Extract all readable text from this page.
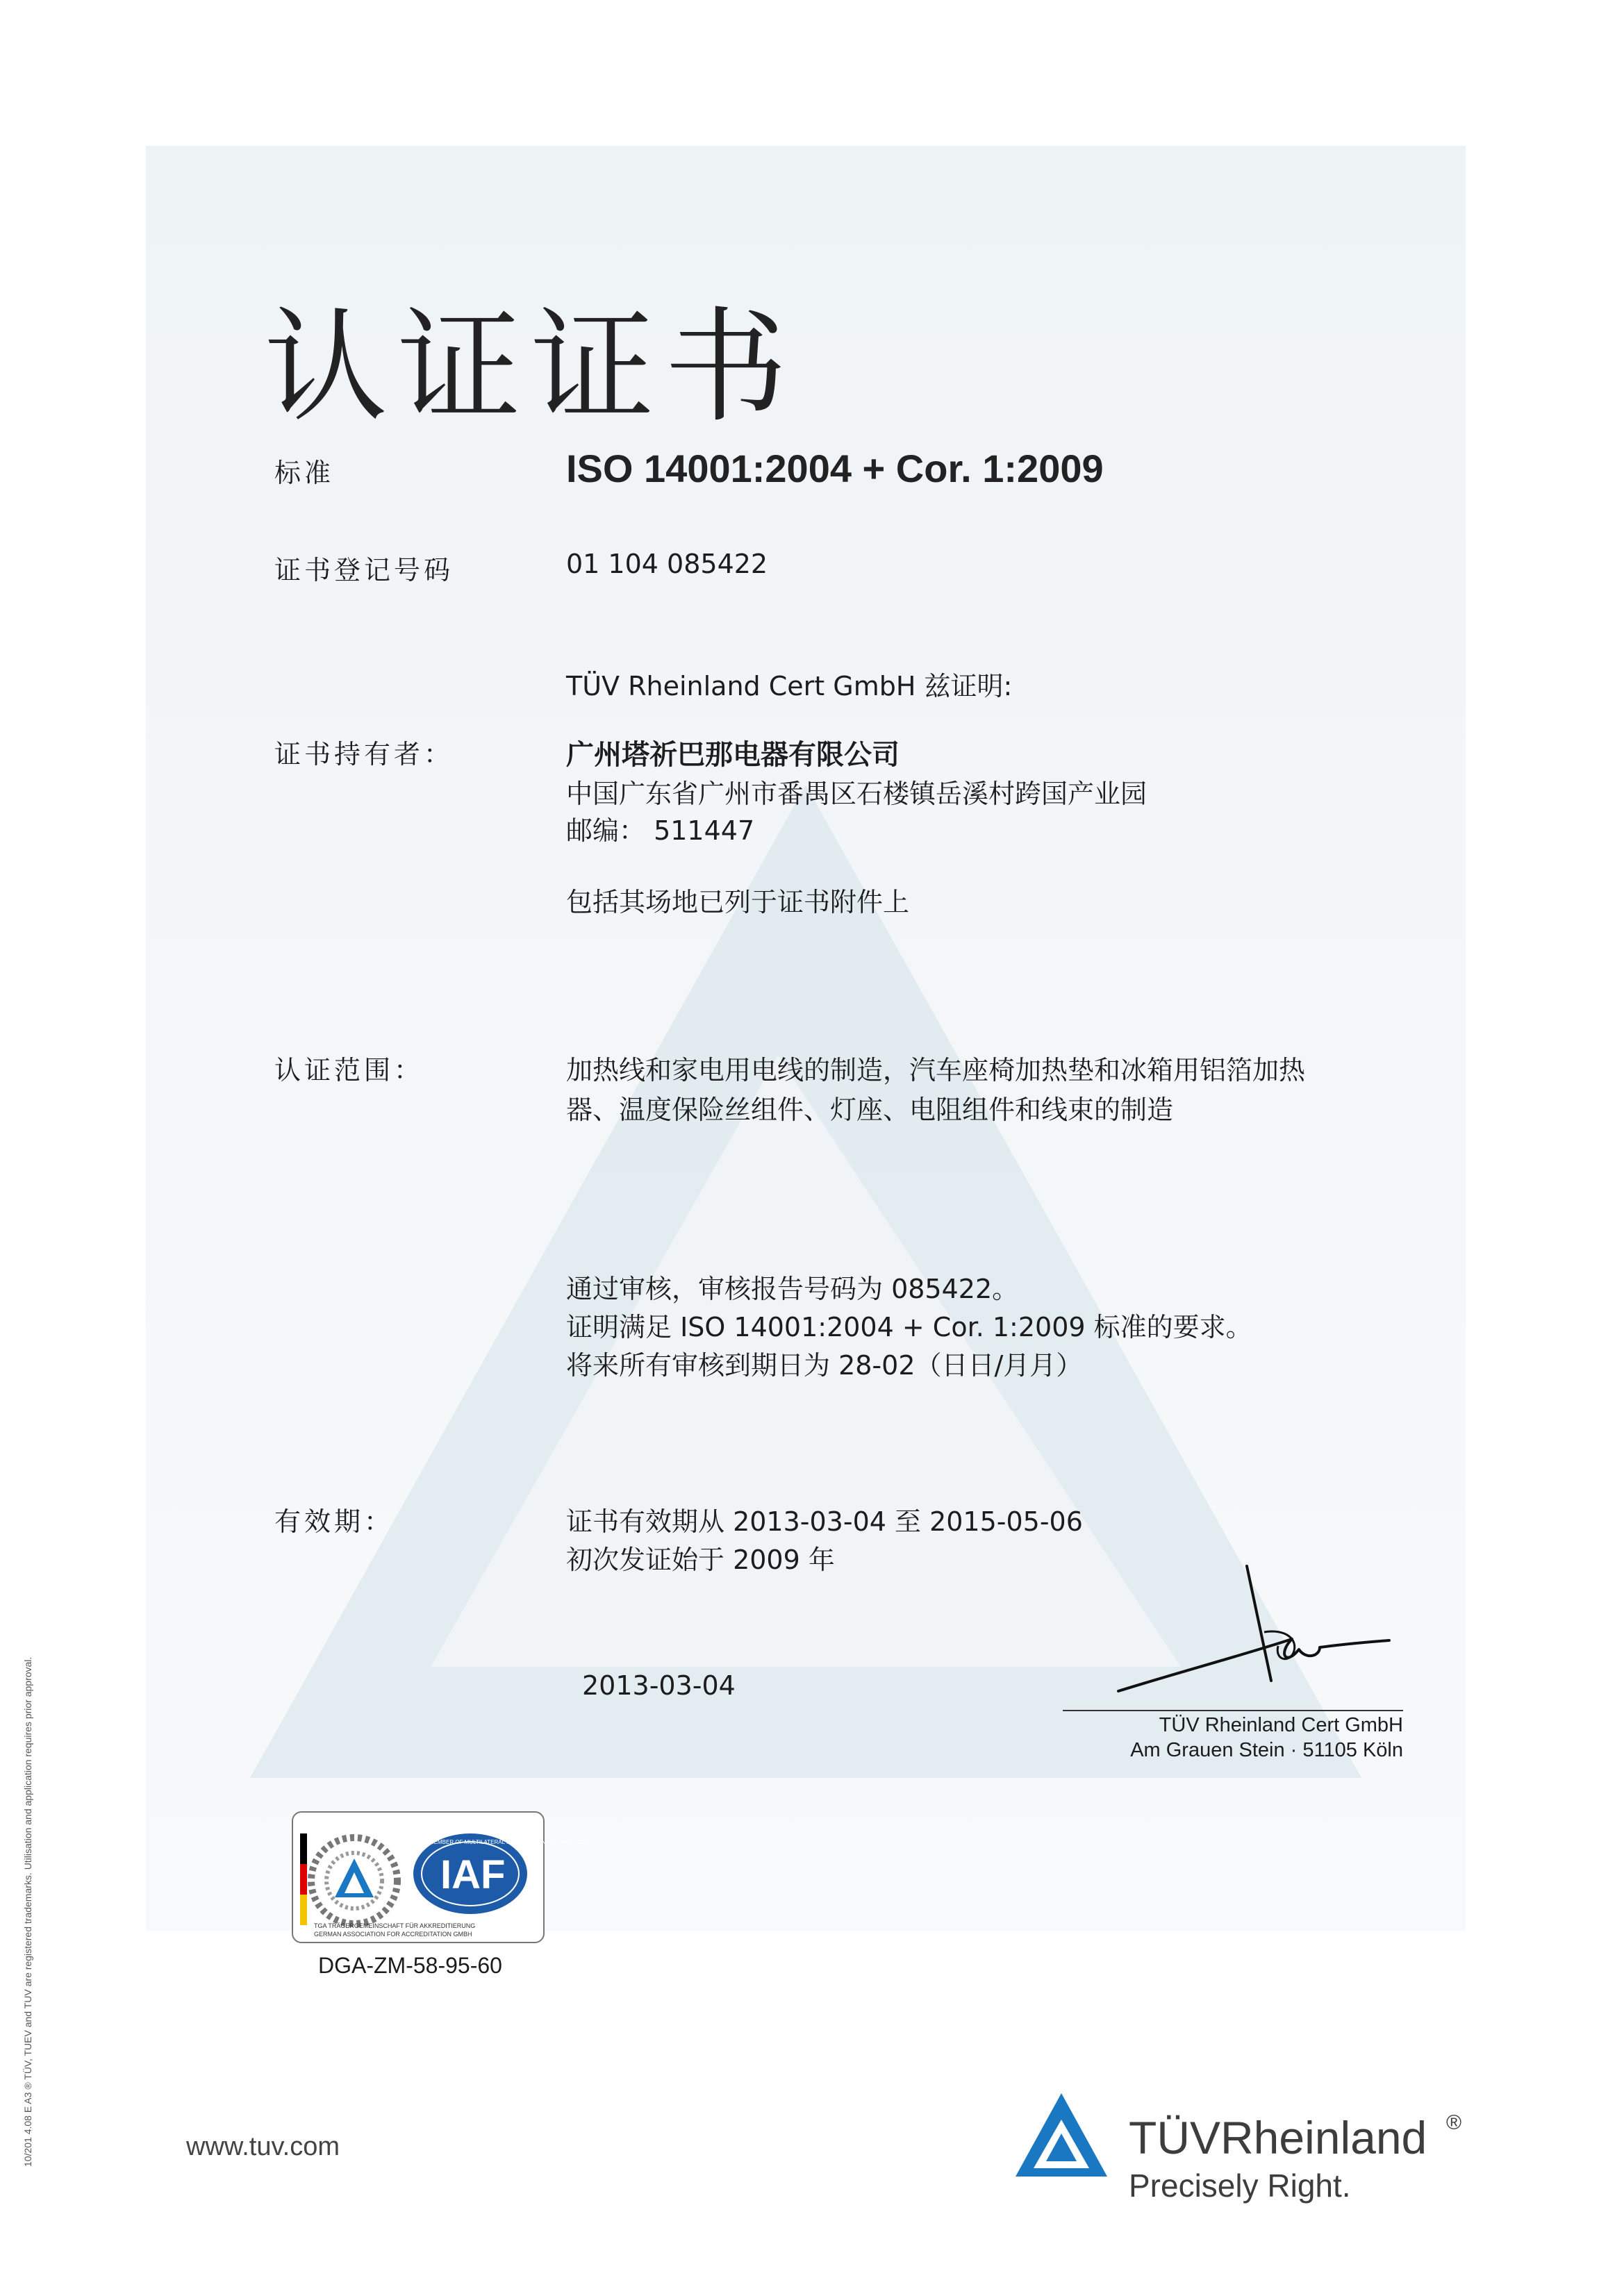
认证证书
标准	ISO 14001:2004 + Cor. 1:2009
证书登记号码	01 104 085422
TÜV Rheinland Cert GmbH 兹证明:
证书持有者：	广州塔祈巴那电器有限公司
中国广东省广州市番禺区石楼镇岳溪村跨国产业园
邮编： 511447
包括其场地已列于证书附件上
认证范围：	加热线和家电用电线的制造，汽车座椅加热垫和冰箱用铝箔加热
器、温度保险丝组件、灯座、电阻组件和线束的制造
通过审核，审核报告号码为 085422。
证明满足 ISO 14001:2004 + Cor. 1:2009 标准的要求。
将来所有审核到期日为 28-02（日日/月月）
有效期：	证书有效期从 2013-03-04 至 2015-05-06
初次发证始于 2009 年
2013-03-04
TÜV Rheinland Cert GmbH
Am Grauen Stein · 51105 Köln
IAF
MEMBER OF MULTILATERAL RECOGNITION ARRANGEMENT
TGA TRÄGERGEMEINSCHAFT FÜR AKKREDITIERUNG
GERMAN ASSOCIATION FOR ACCREDITATION GMBH
DGA-ZM-58-95-60
www.tuv.com	TÜVRheinland ®
Precisely Right.
10/201 4.08 E A3 ® TÜV, TUEV and TUV are registered trademarks. Utilisation and application requires prior approval.
